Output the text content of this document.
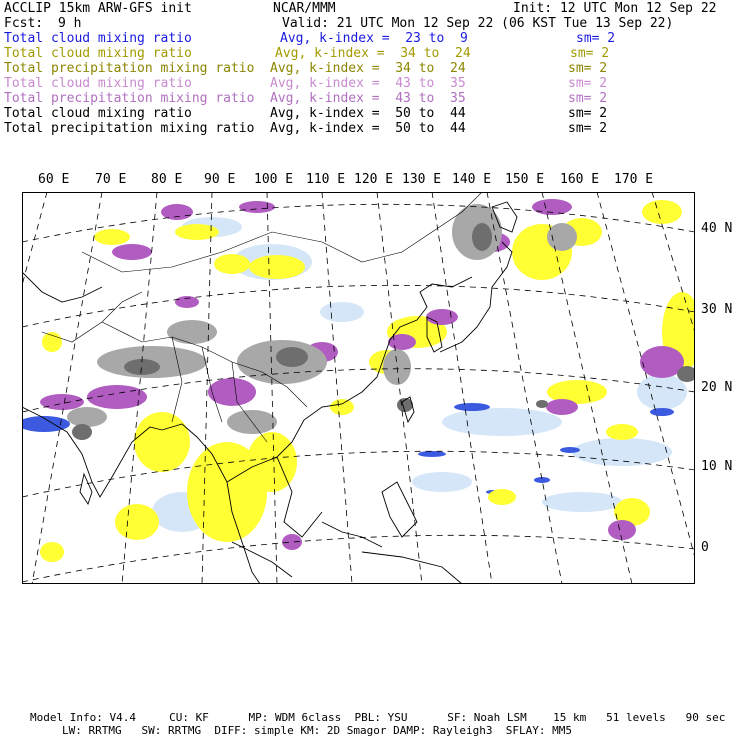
ACCLIP 15km ARW-GFS init	NCAR/MMM	Init: 12 UTC Mon 12 Sep 22
Fcst: 9 h	Valid: 21 UTC Mon 12 Sep 22 (06 KST Tue 13 Sep 22)
Total cloud mixing ratio	Avg, k-index =  23 to  9	sm= 2
Total cloud mixing ratio	Avg, k-index =  34 to  24	sm= 2
Total precipitation mixing ratio Avg, k-index =  34 to  24	sm= 2
Total cloud mixing ratio	Avg, k-index =  43 to  35	sm= 2
Total precipitation mixing ratio Avg, k-index =  43 to  35	sm= 2
Total cloud mixing ratio	Avg, k-index =  50 to  44	sm= 2
Total precipitation mixing ratio Avg, k-index =  50 to  44	sm= 2
60 E 70 E 80 E 90 E 100 E 110 E 120 E 130 E 140 E 150 E 160 E 170 E
40 N
30 N
20 N
10 N
0
Model Info: V4.4     CU: KF      MP: WDM 6class  PBL: YSU      SF: Noah LSM    15 km   51 levels   90 sec
LW: RRTMG   SW: RRTMG  DIFF: simple KM: 2D Smagor DAMP: Rayleigh3  SFLAY: MM5
